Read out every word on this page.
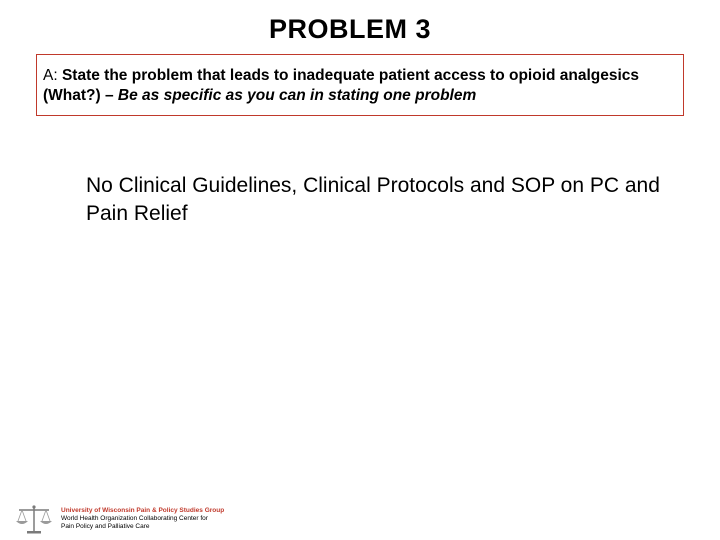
PROBLEM 3
A: State the problem that leads to inadequate patient access to opioid analgesics (What?) – Be as specific as you can in stating one problem
No Clinical Guidelines, Clinical Protocols and SOP on PC and Pain Relief
University of Wisconsin Pain & Policy Studies Group
World Health Organization Collaborating Center for
Pain Policy and Palliative Care
